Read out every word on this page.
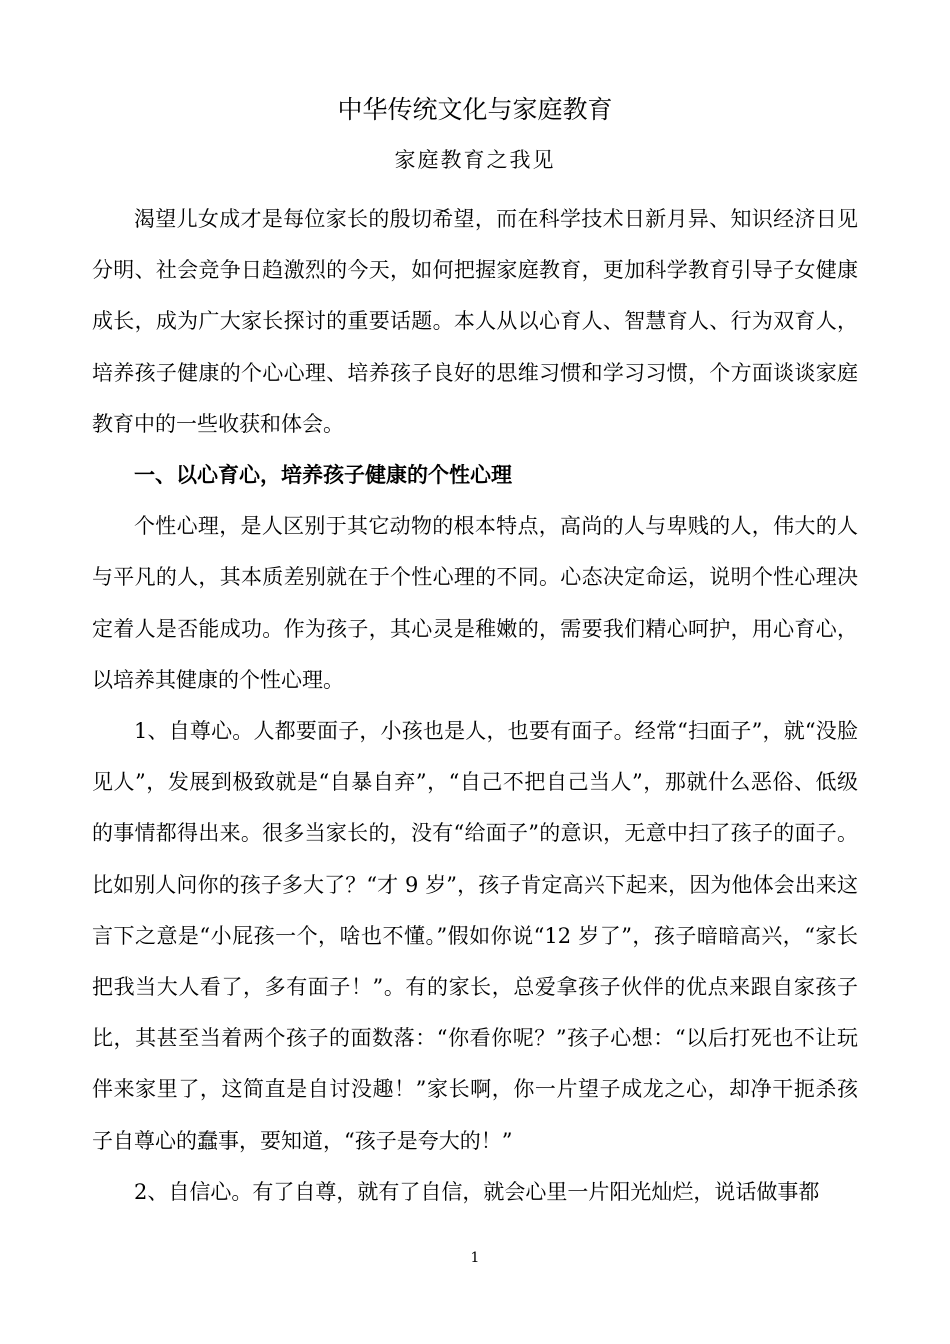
中华传统文化与家庭教育
家庭教育之我见

渴望儿女成才是每位家长的殷切希望，而在科学技术日新月异、知识经济日见分明、社会竞争日趋激烈的今天，如何把握家庭教育，更加科学教育引导子女健康成长，成为广大家长探讨的重要话题。本人从以心育人、智慧育人、行为双育人，培养孩子健康的个心心理、培养孩子良好的思维习惯和学习习惯，个方面谈谈家庭教育中的一些收获和体会。

一、以心育心，培养孩子健康的个性心理

个性心理，是人区别于其它动物的根本特点，高尚的人与卑贱的人，伟大的人与平凡的人，其本质差别就在于个性心理的不同。心态决定命运，说明个性心理决定着人是否能成功。作为孩子，其心灵是稚嫩的，需要我们精心呵护，用心育心，以培养其健康的个性心理。

1、自尊心。人都要面子，小孩也是人，也要有面子。经常“扫面子”，就“没脸见人”，发展到极致就是“自暴自弃”，“自己不把自己当人”，那就什么恶俗、低级的事情都得出来。很多当家长的，没有“给面子”的意识，无意中扫了孩子的面子。比如别人问你的孩子多大了？“才 9 岁”，孩子肯定高兴下起来，因为他体会出来这言下之意是“小屁孩一个，啥也不懂。”假如你说“12 岁了”，孩子暗暗高兴，“家长把我当大人看了，多有面子！”。有的家长，总爱拿孩子伙伴的优点来跟自家孩子比，其甚至当着两个孩子的面数落：“你看你呢？”孩子心想：“以后打死也不让玩伴来家里了，这简直是自讨没趣！”家长啊，你一片望子成龙之心，却净干扼杀孩子自尊心的蠢事，要知道，“孩子是夸大的！”

2、自信心。有了自尊，就有了自信，就会心里一片阳光灿烂，说话做事都

1
